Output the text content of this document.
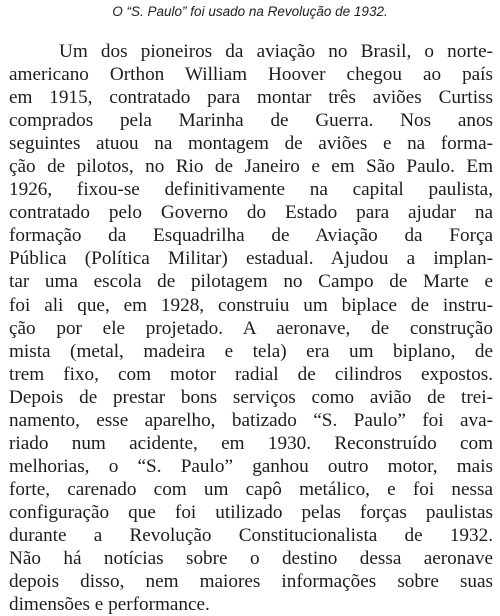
O “S. Paulo” foi usado na Revolução de 1932.
Um dos pioneiros da aviação no Brasil, o norte-
americano Orthon William Hoover chegou ao país
em 1915, contratado para montar três aviões Curtiss
comprados pela Marinha de Guerra. Nos anos
seguintes atuou na montagem de aviões e na forma-
ção de pilotos, no Rio de Janeiro e em São Paulo. Em
1926, fixou-se definitivamente na capital paulista,
contratado pelo Governo do Estado para ajudar na
formação da Esquadrilha de Aviação da Força
Pública (Política Militar) estadual. Ajudou a implan-
tar uma escola de pilotagem no Campo de Marte e
foi ali que, em 1928, construiu um biplace de instru-
ção por ele projetado. A aeronave, de construção
mista (metal, madeira e tela) era um biplano, de
trem fixo, com motor radial de cilindros expostos.
Depois de prestar bons serviços como avião de trei-
namento, esse aparelho, batizado “S. Paulo” foi ava-
riado num acidente, em 1930. Reconstruído com
melhorias, o “S. Paulo” ganhou outro motor, mais
forte, carenado com um capô metálico, e foi nessa
configuração que foi utilizado pelas forças paulistas
durante a Revolução Constitucionalista de 1932.
Não há notícias sobre o destino dessa aeronave
depois disso, nem maiores informações sobre suas
dimensões e performance.
